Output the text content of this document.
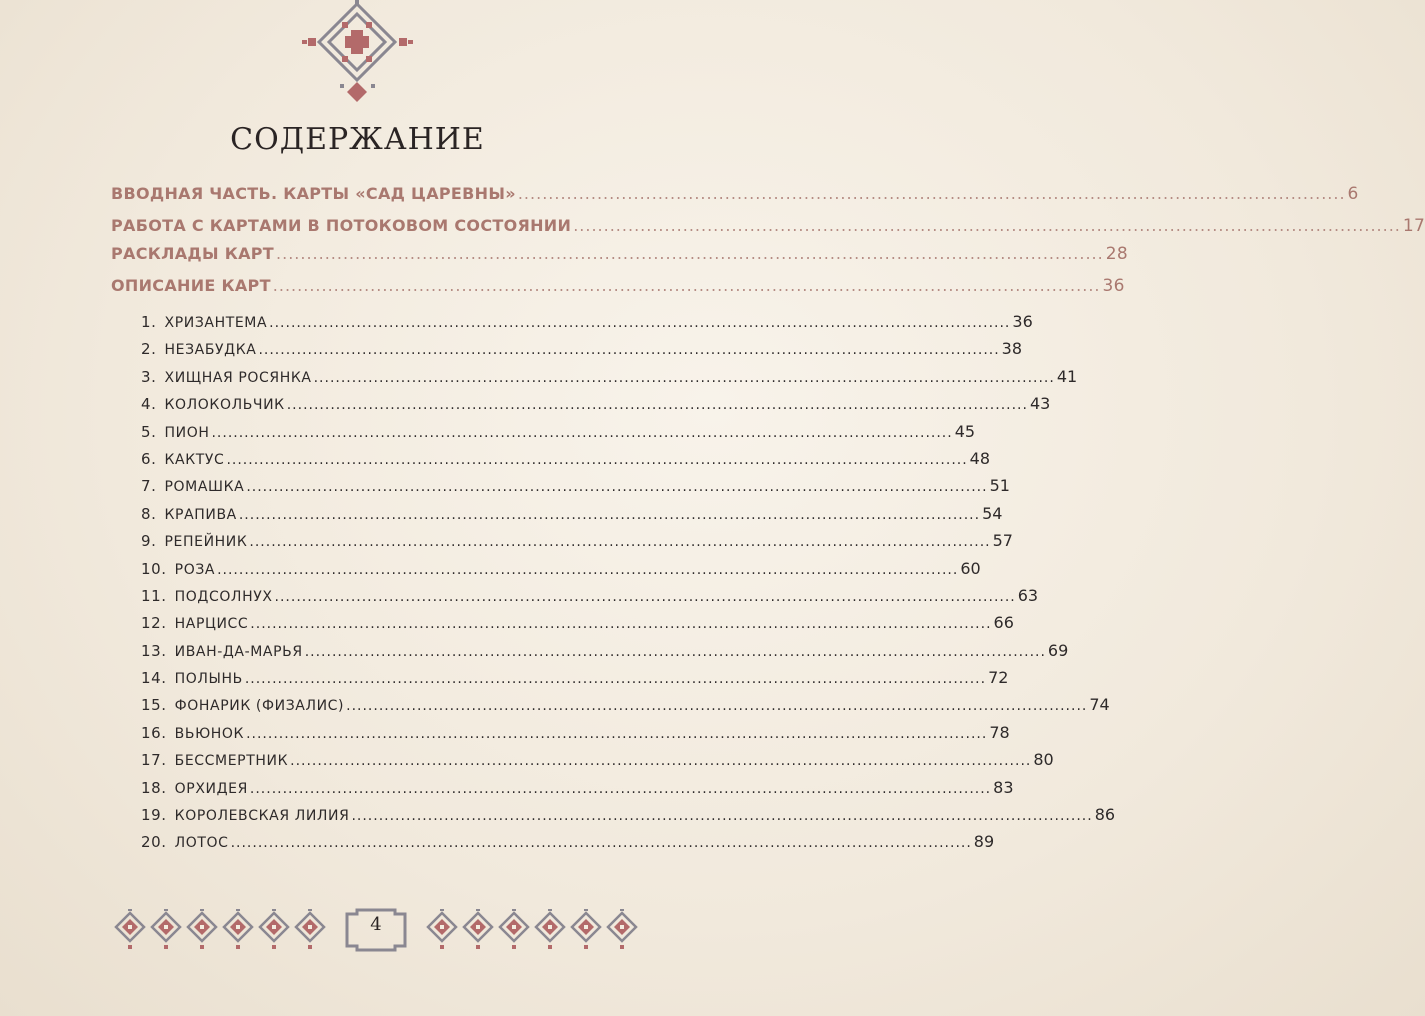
СОДЕРЖАНИЕ
ВВОДНАЯ ЧАСТЬ. КАРТЫ «САД ЦАРЕВНЫ» ........................................................................................................................................ 6
РАБОТА С КАРТАМИ В ПОТОКОВОМ СОСТОЯНИИ ........................................................................................................................................ 17
РАСКЛАДЫ КАРТ ........................................................................................................................................ 28
ОПИСАНИЕ КАРТ ........................................................................................................................................ 36
1. ХРИЗАНТЕМА ........................................................................................................................................ 36
2. НЕЗАБУДКА ........................................................................................................................................ 38
3. ХИЩНАЯ РОСЯНКА ........................................................................................................................................ 41
4. КОЛОКОЛЬЧИК ........................................................................................................................................ 43
5. ПИОН ........................................................................................................................................ 45
6. КАКТУС ........................................................................................................................................ 48
7. РОМАШКА ........................................................................................................................................ 51
8. КРАПИВА ........................................................................................................................................ 54
9. РЕПЕЙНИК ........................................................................................................................................ 57
10. РОЗА ........................................................................................................................................ 60
11. ПОДСОЛНУХ ........................................................................................................................................ 63
12. НАРЦИСС ........................................................................................................................................ 66
13. ИВАН-ДА-МАРЬЯ ........................................................................................................................................ 69
14. ПОЛЫНЬ ........................................................................................................................................ 72
15. ФОНАРИК (ФИЗАЛИС) ........................................................................................................................................ 74
16. ВЬЮНОК ........................................................................................................................................ 78
17. БЕССМЕРТНИК ........................................................................................................................................ 80
18. ОРХИДЕЯ ........................................................................................................................................ 83
19. КОРОЛЕВСКАЯ ЛИЛИЯ ........................................................................................................................................ 86
20. ЛОТОС ........................................................................................................................................ 89
4
